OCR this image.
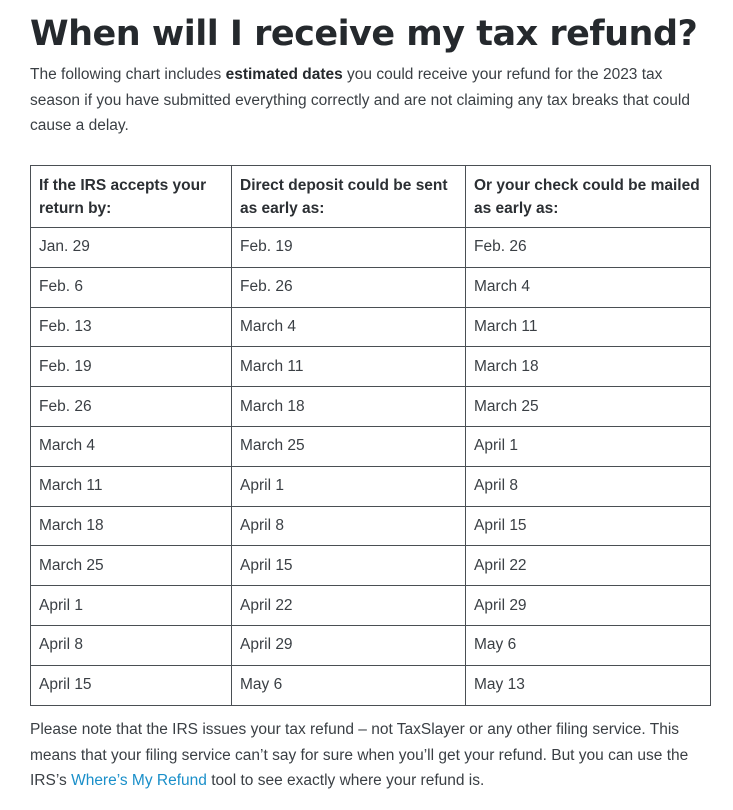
When will I receive my tax refund?

The following chart includes estimated dates you could receive your refund for the 2023 tax season if you have submitted everything correctly and are not claiming any tax breaks that could cause a delay.

If the IRS accepts your return by:	Direct deposit could be sent as early as:	Or your check could be mailed as early as:
Jan. 29	Feb. 19	Feb. 26
Feb. 6	Feb. 26	March 4
Feb. 13	March 4	March 11
Feb. 19	March 11	March 18
Feb. 26	March 18	March 25
March 4	March 25	April 1
March 11	April 1	April 8
March 18	April 8	April 15
March 25	April 15	April 22
April 1	April 22	April 29
April 8	April 29	May 6
April 15	May 6	May 13

Please note that the IRS issues your tax refund – not TaxSlayer or any other filing service. This means that your filing service can’t say for sure when you’ll get your refund. But you can use the IRS’s Where’s My Refund tool to see exactly where your refund is.
